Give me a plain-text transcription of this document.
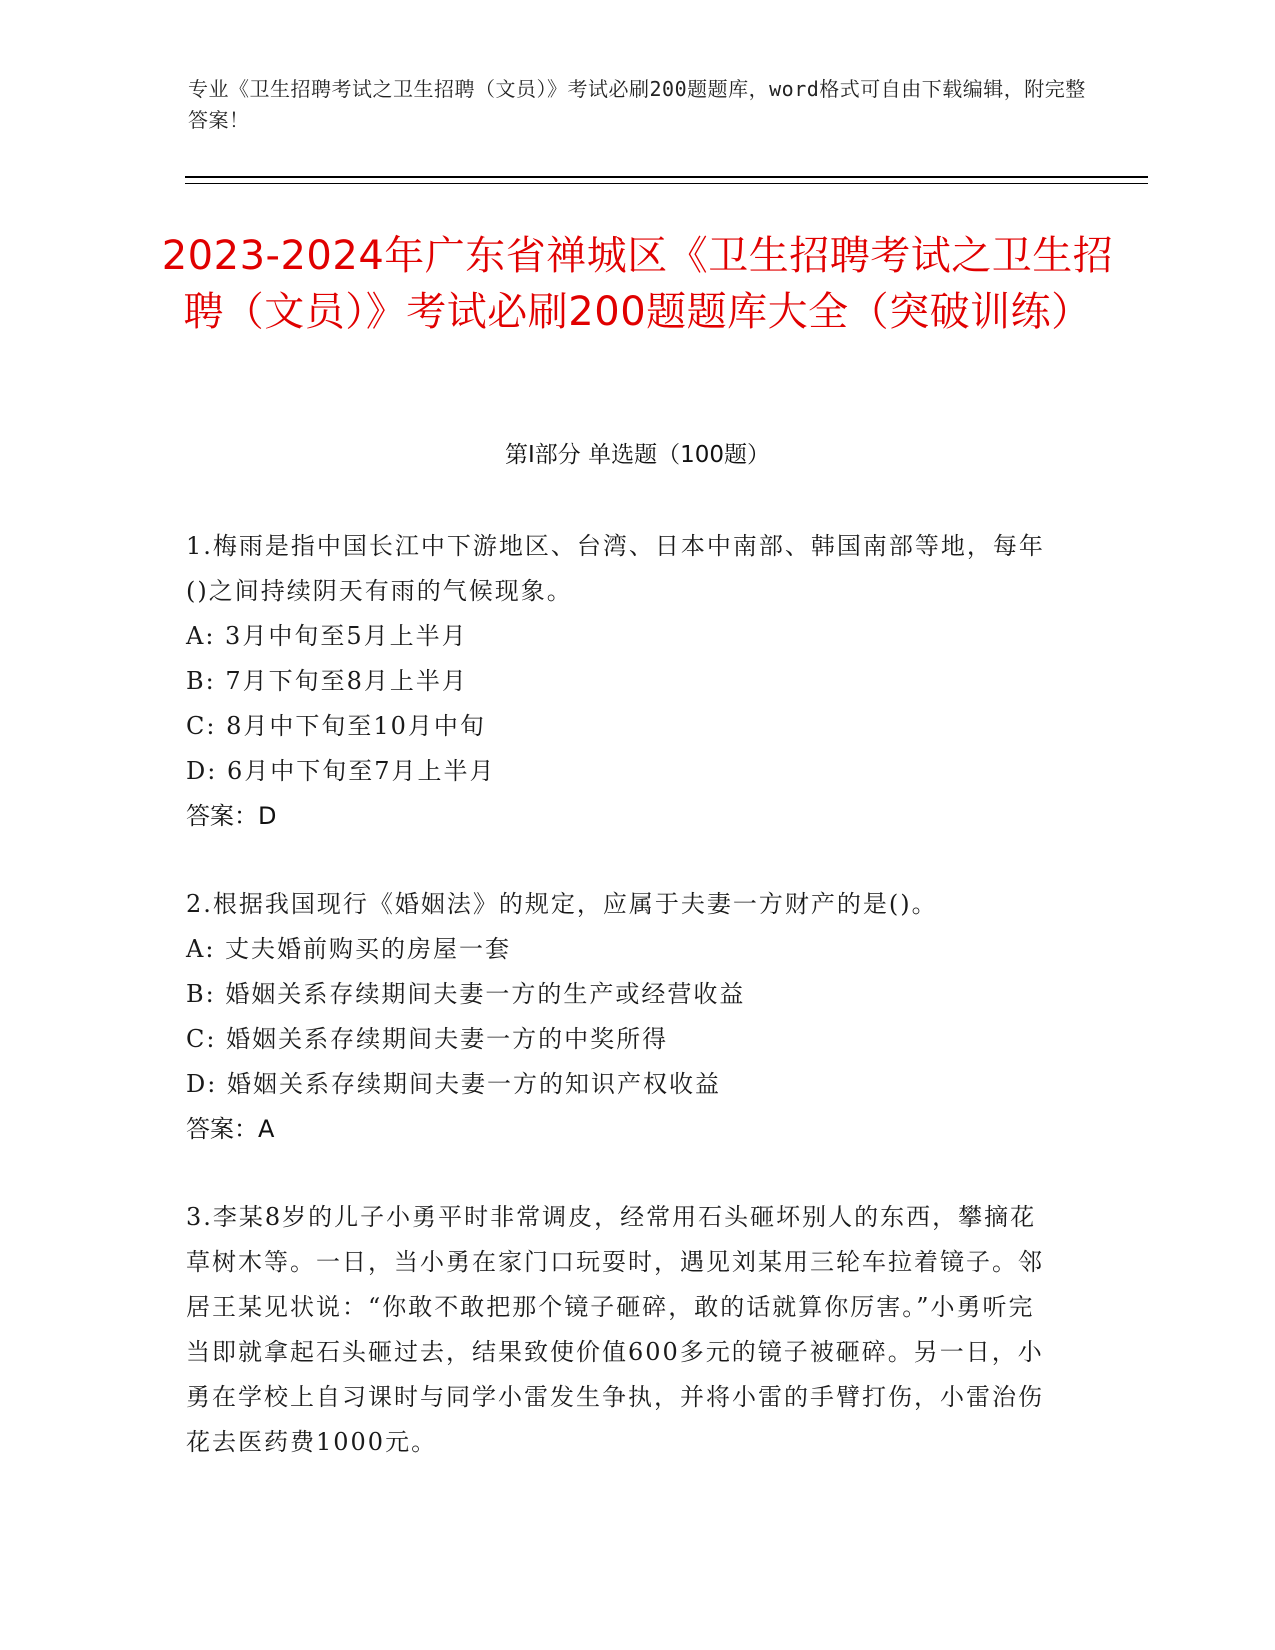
专业《卫生招聘考试之卫生招聘（文员）》考试必刷200题题库，word格式可自由下载编辑，附完整答案！
2023-2024年广东省禅城区《卫生招聘考试之卫生招聘（文员）》考试必刷200题题库大全（突破训练）
第Ⅰ部分 单选题（100题）

1.梅雨是指中国长江中下游地区、台湾、日本中南部、韩国南部等地，每年()之间持续阴天有雨的气候现象。

A: 3月中旬至5月上半月

B: 7月下旬至8月上半月

C: 8月中下旬至10月中旬

D: 6月中下旬至7月上半月

答案：D

2.根据我国现行《婚姻法》的规定，应属于夫妻一方财产的是()。

A: 丈夫婚前购买的房屋一套

B: 婚姻关系存续期间夫妻一方的生产或经营收益

C: 婚姻关系存续期间夫妻一方的中奖所得

D: 婚姻关系存续期间夫妻一方的知识产权收益

答案：A

3.李某8岁的儿子小勇平时非常调皮，经常用石头砸坏别人的东西，攀摘花草树木等。一日，当小勇在家门口玩耍时，遇见刘某用三轮车拉着镜子。邻居王某见状说：“你敢不敢把那个镜子砸碎，敢的话就算你厉害。”小勇听完当即就拿起石头砸过去，结果致使价值600多元的镜子被砸碎。另一日，小勇在学校上自习课时与同学小雷发生争执，并将小雷的手臂打伤，小雷治伤花去医药费1000元。
